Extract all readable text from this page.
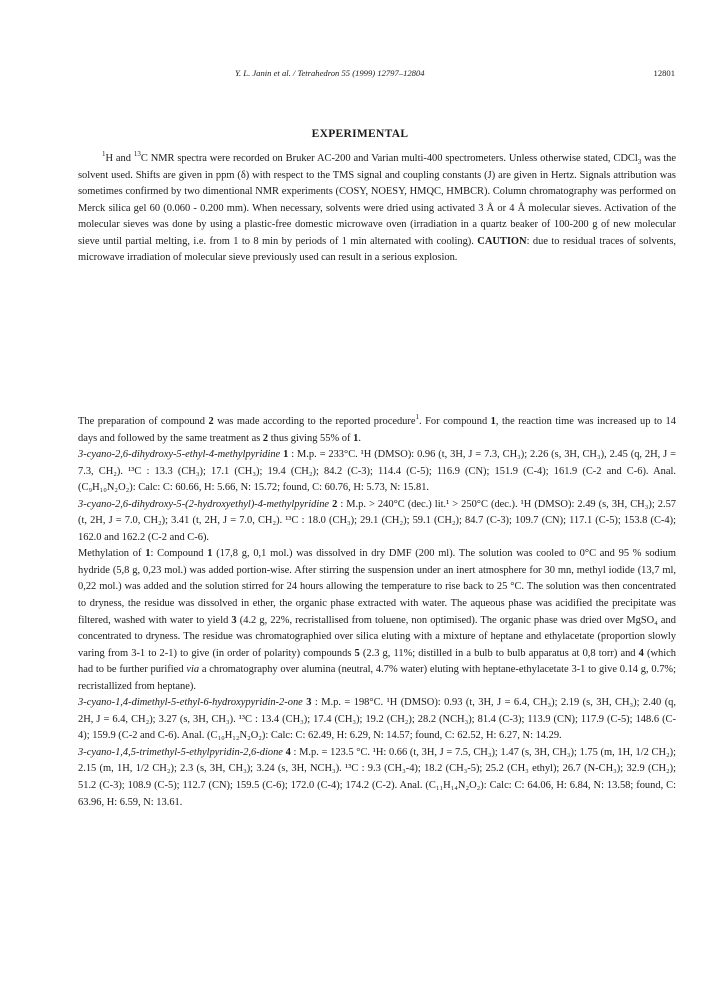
Y. L. Janin et al. / Tetrahedron 55 (1999) 12797–12804	12801
EXPERIMENTAL

$^1$H and $^{13}$C NMR spectra were recorded on Bruker AC-200 and Varian multi-400 spectrometers. Unless otherwise stated, CDCl$_3$ was the solvent used. Shifts are given in ppm (δ) with respect to the TMS signal and coupling constants (J) are given in Hertz. Signals attribution was sometimes confirmed by two dimentional NMR experiments (COSY, NOESY, HMQC, HMBCR). Column chromatography was performed on Merck silica gel 60 (0.060 - 0.200 mm). When necessary, solvents were dried using activated 3 Å or 4 Å molecular sieves. Activation of the molecular sieves was done by using a plastic-free domestic microwave oven (irradiation in a quartz beaker of 100-200 g of new molecular sieve until partial melting, i.e. from 1 to 8 min by periods of 1 min alternated with cooling). CAUTION: due to residual traces of solvents, microwave irradiation of molecular sieve previously used can result in a serious explosion.

The preparation of compound 2 was made according to the reported procedure$^1$. For compound 1, the reaction time was increased up to 14 days and followed by the same treatment as 2 thus giving 55% of 1.

3-cyano-2,6-dihydroxy-5-ethyl-4-methylpyridine 1 : M.p. = 233°C. ¹H (DMSO): 0.96 (t, 3H, J = 7.3, CH₃); 2.26 (s, 3H, CH₃), 2.45 (q, 2H, J = 7.3, CH₂). ¹³C : 13.3 (CH₃); 17.1 (CH₃); 19.4 (CH₂); 84.2 (C-3); 114.4 (C-5); 116.9 (CN); 151.9 (C-4); 161.9 (C-2 and C-6). Anal. (C₉H₁₀N₂O₂): Calc: C: 60.66, H: 5.66, N: 15.72; found, C: 60.76, H: 5.73, N: 15.81.

3-cyano-2,6-dihydroxy-5-(2-hydroxyethyl)-4-methylpyridine 2 : M.p. > 240°C (dec.) lit.¹ > 250°C (dec.). ¹H (DMSO): 2.49 (s, 3H, CH₃); 2.57 (t, 2H, J = 7.0, CH₂); 3.41 (t, 2H, J = 7.0, CH₂). ¹³C : 18.0 (CH₃); 29.1 (CH₂); 59.1 (CH₂); 84.7 (C-3); 109.7 (CN); 117.1 (C-5); 153.8 (C-4); 162.0 and 162.2 (C-2 and C-6).

Methylation of 1: Compound 1 (17,8 g, 0,1 mol.) was dissolved in dry DMF (200 ml). The solution was cooled to 0°C and 95 % sodium hydride (5,8 g, 0,23 mol.) was added portion-wise. After stirring the suspension under an inert atmosphere for 30 mn, methyl iodide (13,7 ml, 0,22 mol.) was added and the solution stirred for 24 hours allowing the temperature to rise back to 25 °C. The solution was then concentrated to dryness, the residue was dissolved in ether, the organic phase extracted with water. The aqueous phase was acidified the precipitate was filtered, washed with water to yield 3 (4.2 g, 22%, recristallised from toluene, non optimised). The organic phase was dried over MgSO₄ and concentrated to dryness. The residue was chromatographied over silica eluting with a mixture of heptane and ethylacetate (proportion slowly varing from 3-1 to 2-1) to give (in order of polarity) compounds 5 (2.3 g, 11%; distilled in a bulb to bulb apparatus at 0,8 torr) and 4 (which had to be further purified via a chromatography over alumina (neutral, 4.7% water) eluting with heptane-ethylacetate 3-1 to give 0.14 g, 0.7%; recristallized from heptane).

3-cyano-1,4-dimethyl-5-ethyl-6-hydroxypyridin-2-one 3 : M.p. = 198°C. ¹H (DMSO): 0.93 (t, 3H, J = 6.4, CH₃); 2.19 (s, 3H, CH₃); 2.40 (q, 2H, J = 6.4, CH₂); 3.27 (s, 3H, CH₃). ¹³C : 13.4 (CH₃); 17.4 (CH₃); 19.2 (CH₂); 28.2 (NCH₃); 81.4 (C-3); 113.9 (CN); 117.9 (C-5); 148.6 (C-4); 159.9 (C-2 and C-6). Anal. (C₁₀H₁₂N₂O₂): Calc: C: 62.49, H: 6.29, N: 14.57; found, C: 62.52, H: 6.27, N: 14.29.

3-cyano-1,4,5-trimethyl-5-ethylpyridin-2,6-dione 4 : M.p. = 123.5 °C. ¹H: 0.66 (t, 3H, J = 7.5, CH₃); 1.47 (s, 3H, CH₃); 1.75 (m, 1H, 1/2 CH₂); 2.15 (m, 1H, 1/2 CH₂); 2.3 (s, 3H, CH₃); 3.24 (s, 3H, NCH₃). ¹³C : 9.3 (CH₃-4); 18.2 (CH₃-5); 25.2 (CH₃ ethyl); 26.7 (N-CH₃); 32.9 (CH₂); 51.2 (C-3); 108.9 (C-5); 112.7 (CN); 159.5 (C-6); 172.0 (C-4); 174.2 (C-2). Anal. (C₁₁H₁₄N₂O₂): Calc: C: 64.06, H: 6.84, N: 13.58; found, C: 63.96, H: 6.59, N: 13.61.
